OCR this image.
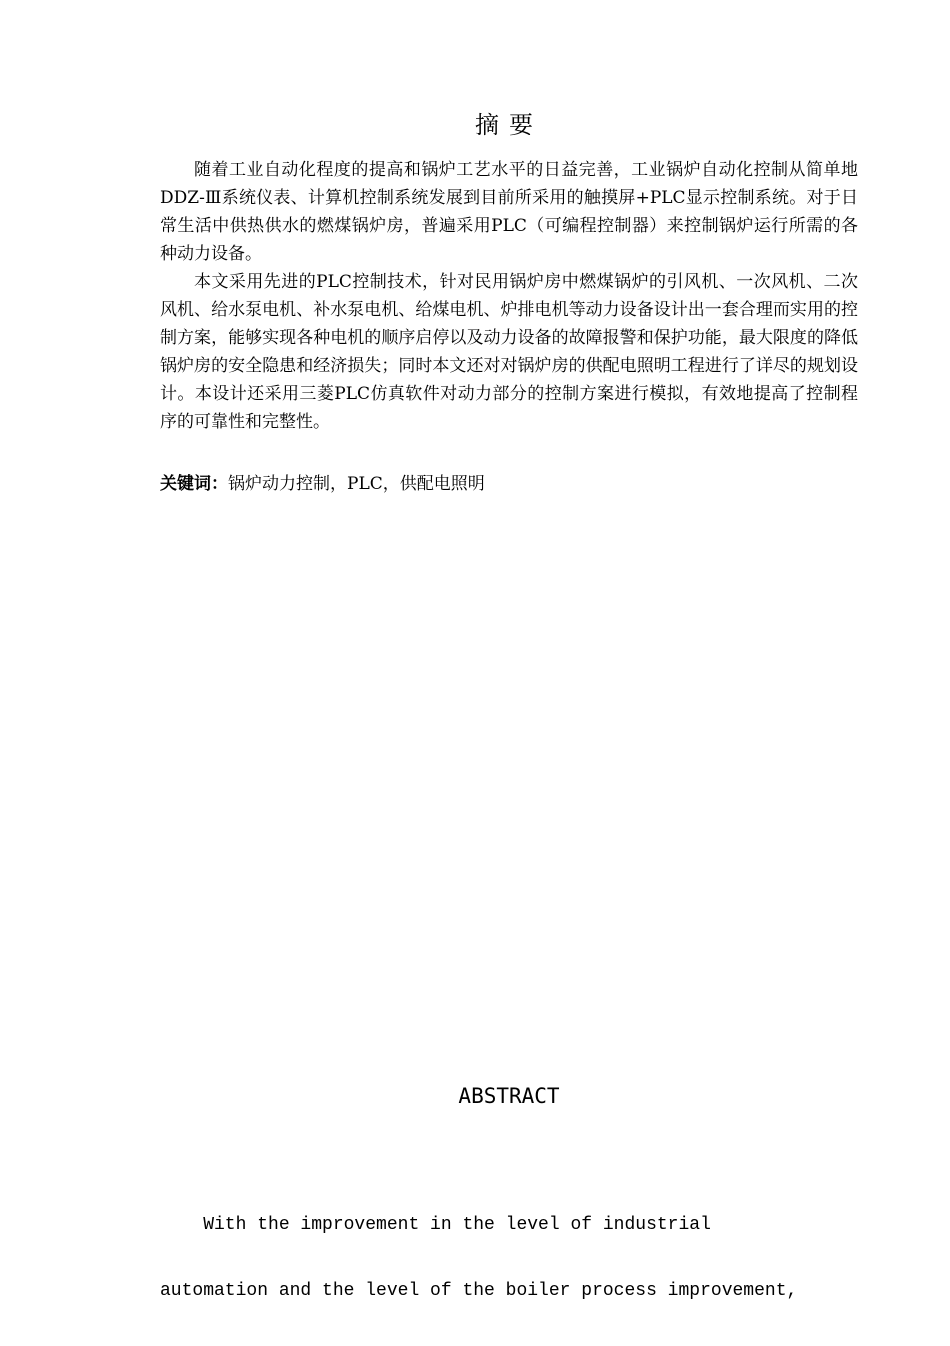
摘要

随着工业自动化程度的提高和锅炉工艺水平的日益完善，工业锅炉自动化控制从简单地DDZ-Ⅲ系统仪表、计算机控制系统发展到目前所采用的触摸屏+PLC显示控制系统。对于日常生活中供热供水的燃煤锅炉房，普遍采用PLC（可编程控制器）来控制锅炉运行所需的各种动力设备。

本文采用先进的PLC控制技术，针对民用锅炉房中燃煤锅炉的引风机、一次风机、二次风机、给水泵电机、补水泵电机、给煤电机、炉排电机等动力设备设计出一套合理而实用的控制方案，能够实现各种电机的顺序启停以及动力设备的故障报警和保护功能，最大限度的降低锅炉房的安全隐患和经济损失；同时本文还对对锅炉房的供配电照明工程进行了详尽的规划设计。本设计还采用三菱PLC仿真软件对动力部分的控制方案进行模拟，有效地提高了控制程序的可靠性和完整性。

关键词：锅炉动力控制，PLC，供配电照明
ABSTRACT

With the improvement in the level of industrial

automation and the level of the boiler process improvement,
